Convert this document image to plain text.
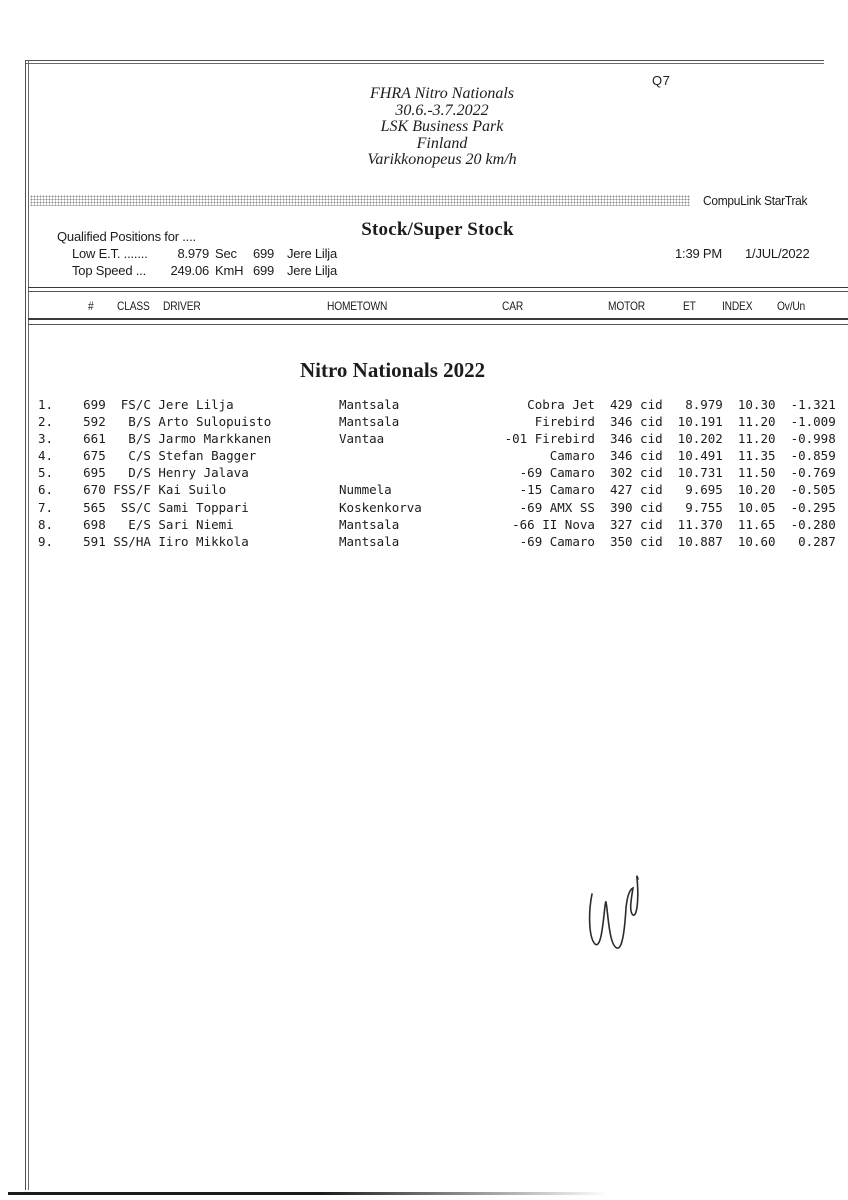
Q7
FHRA Nitro Nationals
30.6.-3.7.2022
LSK Business Park
Finland
Varikkonopeus 20 km/h
CompuLink StarTrak
Qualified Positions for ....
Low E.T. .......	8.979 Sec 699 Jere Lilja
Top Speed ... 249.06 KmH 699 Jere Lilja
Stock/Super Stock
1:39 PM 1/JUL/2022
# CLASS DRIVER	HOMETOWN	CAR	MOTOR	ET INDEX Ov/Un
Nitro Nationals 2022
1.    699  FS/C Jere Lilja              Mantsala                 Cobra Jet  429 cid   8.979  10.30  -1.321
2.    592   B/S Arto Sulopuisto         Mantsala                  Firebird  346 cid  10.191  11.20  -1.009
3.    661   B/S Jarmo Markkanen         Vantaa                -01 Firebird  346 cid  10.202  11.20  -0.998
4.    675   C/S Stefan Bagger                                       Camaro  346 cid  10.491  11.35  -0.859
5.    695   D/S Henry Jalava                                    -69 Camaro  302 cid  10.731  11.50  -0.769
6.    670 FSS/F Kai Suilo               Nummela                 -15 Camaro  427 cid   9.695  10.20  -0.505
7.    565  SS/C Sami Toppari            Koskenkorva             -69 AMX SS  390 cid   9.755  10.05  -0.295
8.    698   E/S Sari Niemi              Mantsala               -66 II Nova  327 cid  11.370  11.65  -0.280
9.    591 SS/HA Iiro Mikkola            Mantsala                -69 Camaro  350 cid  10.887  10.60   0.287
